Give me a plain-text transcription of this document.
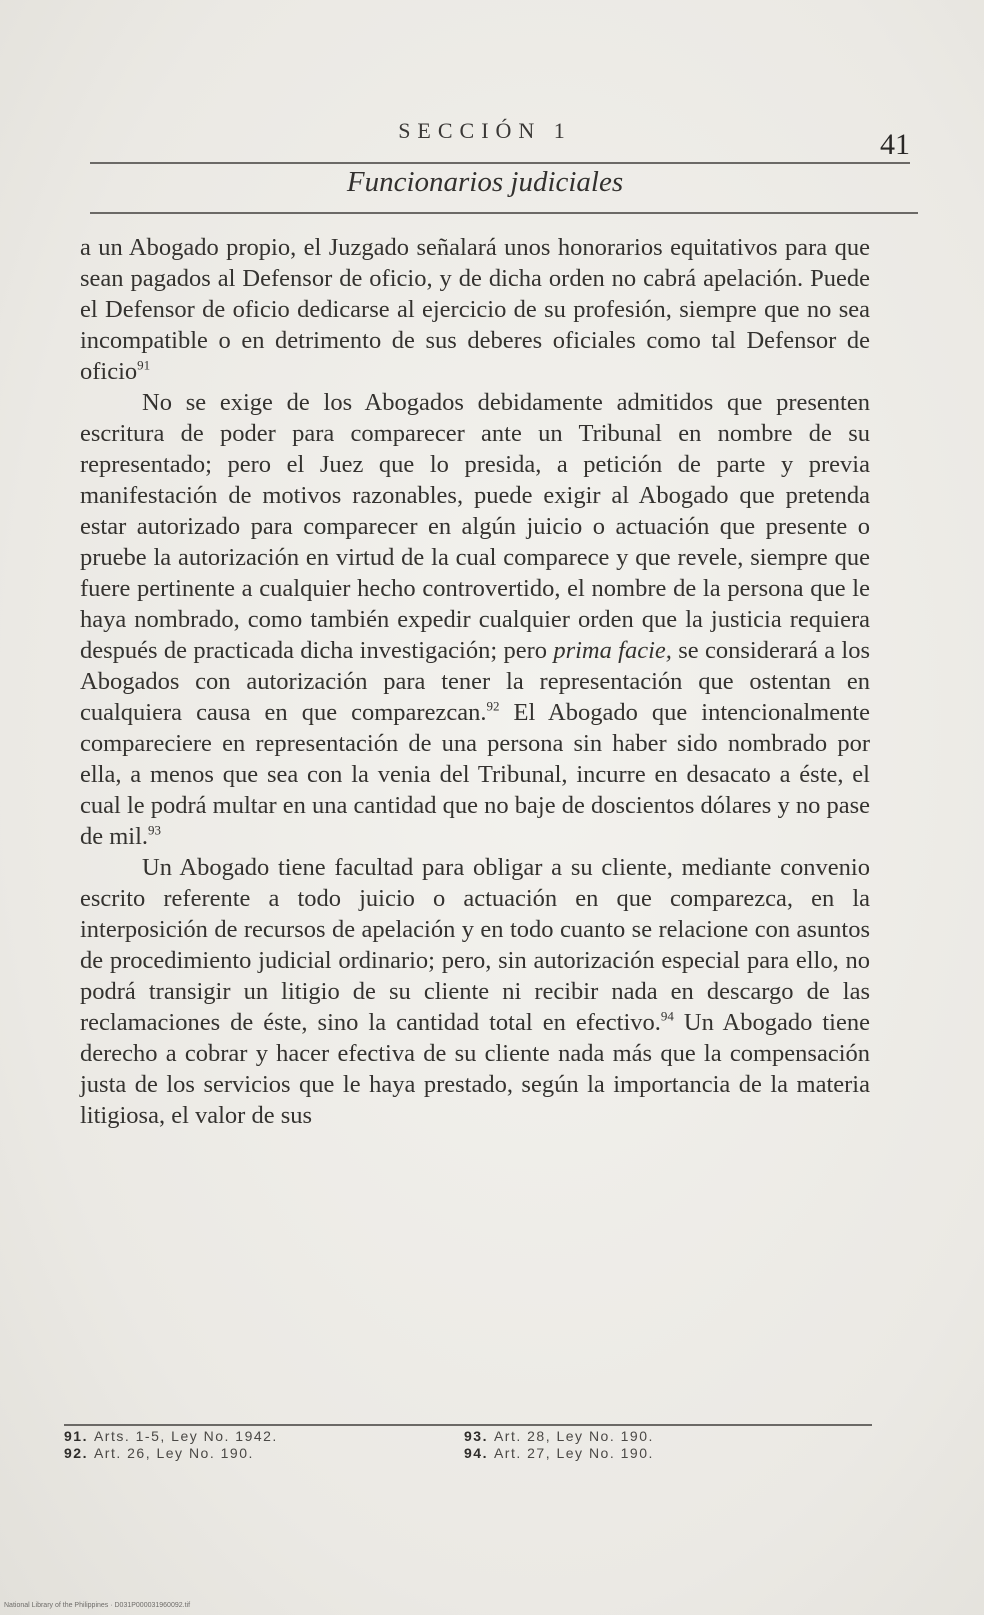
SECCIÓN 1	41
Funcionarios judiciales

a un Abogado propio, el Juzgado señalará unos honorarios equitativos para que sean pagados al Defensor de oficio, y de dicha orden no cabrá apelación. Puede el Defensor de oficio dedicarse al ejercicio de su profesión, siempre que no sea incompatible o en detrimento de sus deberes oficiales como tal Defensor de oficio$^{91}$

No se exige de los Abogados debidamente admitidos que presenten escritura de poder para comparecer ante un Tribunal en nombre de su representado; pero el Juez que lo presida, a petición de parte y previa manifestación de motivos razonables, puede exigir al Abogado que pretenda estar autorizado para comparecer en algún juicio o actuación que presente o pruebe la autorización en virtud de la cual comparece y que revele, siempre que fuere pertinente a cualquier hecho controvertido, el nombre de la persona que le haya nombrado, como también expedir cualquier orden que la justicia requiera después de practicada dicha investigación; pero prima facie, se considerará a los Abogados con autorización para tener la representación que ostentan en cualquiera causa en que comparezcan.$^{92}$ El Abogado que intencionalmente compareciere en representación de una persona sin haber sido nombrado por ella, a menos que sea con la venia del Tribunal, incurre en desacato a éste, el cual le podrá multar en una cantidad que no baje de doscientos dólares y no pase de mil.$^{93}$

Un Abogado tiene facultad para obligar a su cliente, mediante convenio escrito referente a todo juicio o actuación en que comparezca, en la interposición de recursos de apelación y en todo cuanto se relacione con asuntos de procedimiento judicial ordinario; pero, sin autorización especial para ello, no podrá transigir un litigio de su cliente ni recibir nada en descargo de las reclamaciones de éste, sino la cantidad total en efectivo.$^{94}$ Un Abogado tiene derecho a cobrar y hacer efectiva de su cliente nada más que la compensación justa de los servicios que le haya prestado, según la importancia de la materia litigiosa, el valor de sus

91. Arts. 1-5, Ley No. 1942.
92. Art. 26, Ley No. 190.
93. Art. 28, Ley No. 190.
94. Art. 27, Ley No. 190.
National Library of the Philippines · D031P000031960092.tif
